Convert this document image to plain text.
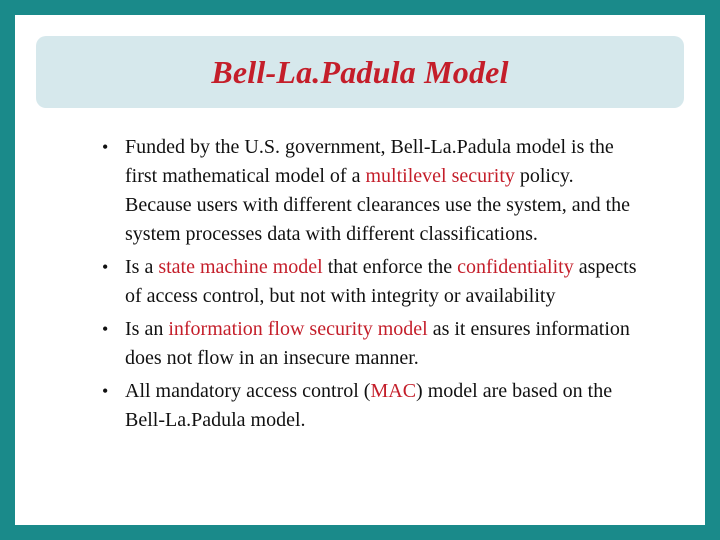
Bell-La.Padula Model
• Funded by the U.S. government, Bell-La.Padula model is the first mathematical model of a multilevel security policy. Because users with different clearances use the system, and the system processes data with different classifications.
• Is a state machine model that enforce the confidentiality aspects of access control, but not with integrity or availability
• Is an information flow security model as it ensures information does not flow in an insecure manner.
• All mandatory access control (MAC) model are based on the Bell-La.Padula model.
